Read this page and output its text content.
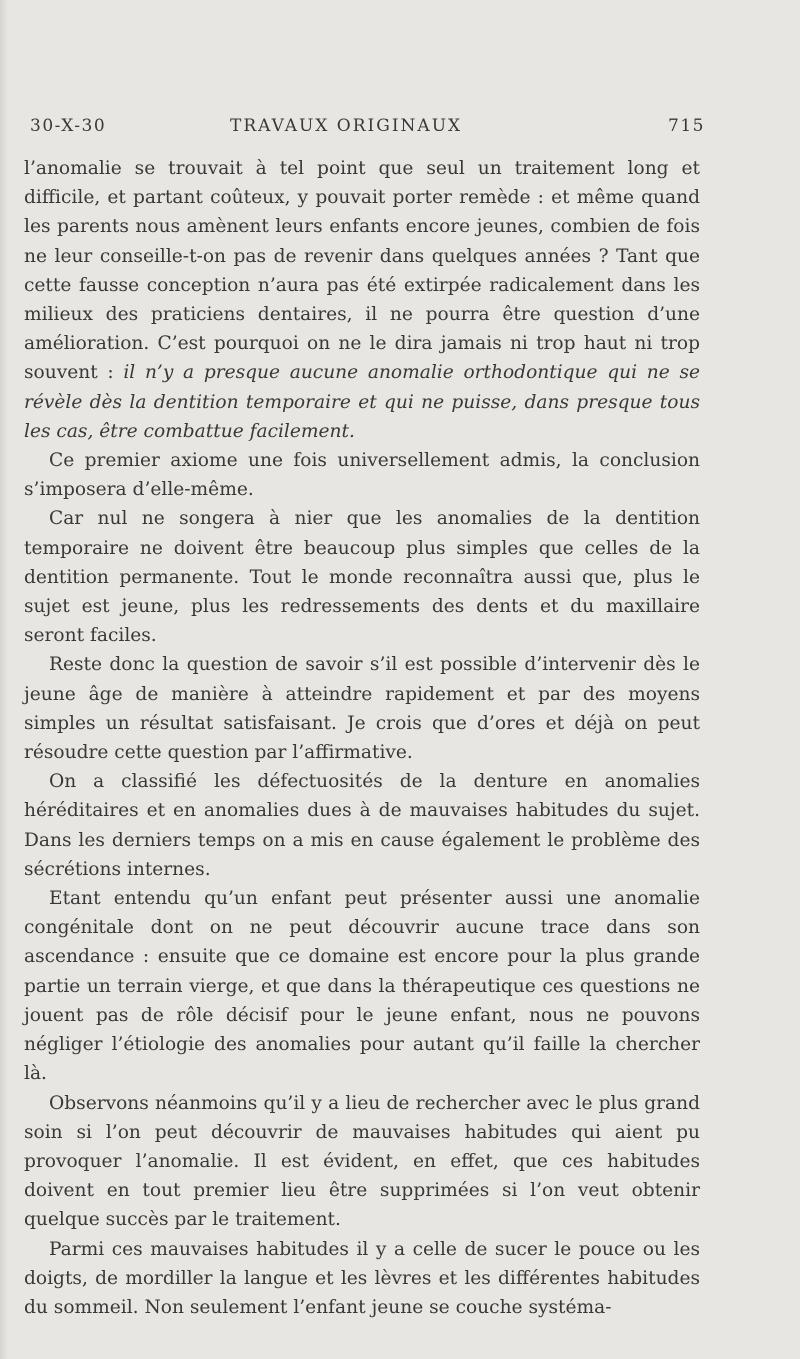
30-X-30	TRAVAUX ORIGINAUX	715

l’anomalie se trouvait à tel point que seul un traitement long et difficile, et partant coûteux, y pouvait porter remède : et même quand les parents nous amènent leurs enfants encore jeunes, combien de fois ne leur conseille-t-on pas de revenir dans quelques années ? Tant que cette fausse conception n’aura pas été extirpée radicalement dans les milieux des praticiens dentaires, il ne pourra être question d’une amélioration. C’est pourquoi on ne le dira jamais ni trop haut ni trop souvent : il n’y a presque aucune anomalie orthodontique qui ne se révèle dès la dentition temporaire et qui ne puisse, dans presque tous les cas, être combattue facilement.

Ce premier axiome une fois universellement admis, la conclusion s’imposera d’elle-même.

Car nul ne songera à nier que les anomalies de la dentition temporaire ne doivent être beaucoup plus simples que celles de la dentition permanente. Tout le monde reconnaîtra aussi que, plus le sujet est jeune, plus les redressements des dents et du maxillaire seront faciles.

Reste donc la question de savoir s’il est possible d’intervenir dès le jeune âge de manière à atteindre rapidement et par des moyens simples un résultat satisfaisant. Je crois que d’ores et déjà on peut résoudre cette question par l’affirmative.

On a classifié les défectuosités de la denture en anomalies héréditaires et en anomalies dues à de mauvaises habitudes du sujet. Dans les derniers temps on a mis en cause également le problème des sécrétions internes.

Etant entendu qu’un enfant peut présenter aussi une anomalie congénitale dont on ne peut découvrir aucune trace dans son ascendance : ensuite que ce domaine est encore pour la plus grande partie un terrain vierge, et que dans la thérapeutique ces questions ne jouent pas de rôle décisif pour le jeune enfant, nous ne pouvons négliger l’étiologie des anomalies pour autant qu’il faille la chercher là.

Observons néanmoins qu’il y a lieu de rechercher avec le plus grand soin si l’on peut découvrir de mauvaises habitudes qui aient pu provoquer l’anomalie. Il est évident, en effet, que ces habitudes doivent en tout premier lieu être supprimées si l’on veut obtenir quelque succès par le traitement.

Parmi ces mauvaises habitudes il y a celle de sucer le pouce ou les doigts, de mordiller la langue et les lèvres et les différentes habitudes du sommeil. Non seulement l’enfant jeune se couche systéma-
